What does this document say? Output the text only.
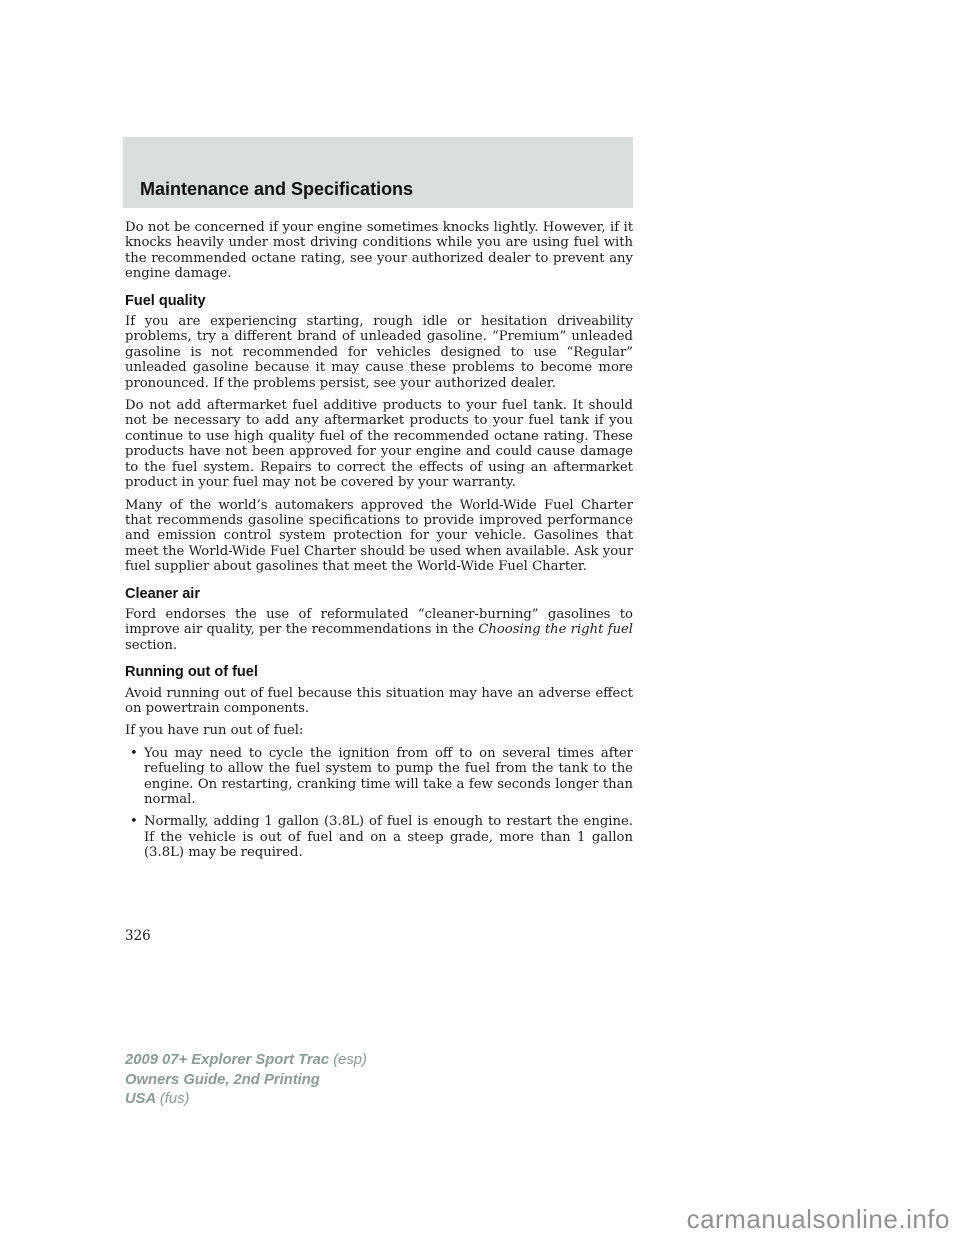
Maintenance and Specifications

Do not be concerned if your engine sometimes knocks lightly. However, if it knocks heavily under most driving conditions while you are using fuel with the recommended octane rating, see your authorized dealer to prevent any engine damage.

Fuel quality

If you are experiencing starting, rough idle or hesitation driveability problems, try a different brand of unleaded gasoline. “Premium” unleaded gasoline is not recommended for vehicles designed to use “Regular” unleaded gasoline because it may cause these problems to become more pronounced. If the problems persist, see your authorized dealer.

Do not add aftermarket fuel additive products to your fuel tank. It should not be necessary to add any aftermarket products to your fuel tank if you continue to use high quality fuel of the recommended octane rating. These products have not been approved for your engine and could cause damage to the fuel system. Repairs to correct the effects of using an aftermarket product in your fuel may not be covered by your warranty.

Many of the world’s automakers approved the World-Wide Fuel Charter that recommends gasoline specifications to provide improved performance and emission control system protection for your vehicle. Gasolines that meet the World-Wide Fuel Charter should be used when available. Ask your fuel supplier about gasolines that meet the World-Wide Fuel Charter.

Cleaner air

Ford endorses the use of reformulated “cleaner-burning” gasolines to improve air quality, per the recommendations in the Choosing the right fuel section.

Running out of fuel

Avoid running out of fuel because this situation may have an adverse effect on powertrain components.

If you have run out of fuel:

• You may need to cycle the ignition from off to on several times after refueling to allow the fuel system to pump the fuel from the tank to the engine. On restarting, cranking time will take a few seconds longer than normal.
• Normally, adding 1 gallon (3.8L) of fuel is enough to restart the engine. If the vehicle is out of fuel and on a steep grade, more than 1 gallon (3.8L) may be required.
326
2009 07+ Explorer Sport Trac (esp)
Owners Guide, 2nd Printing
USA (fus)
carmanualsonline.info
